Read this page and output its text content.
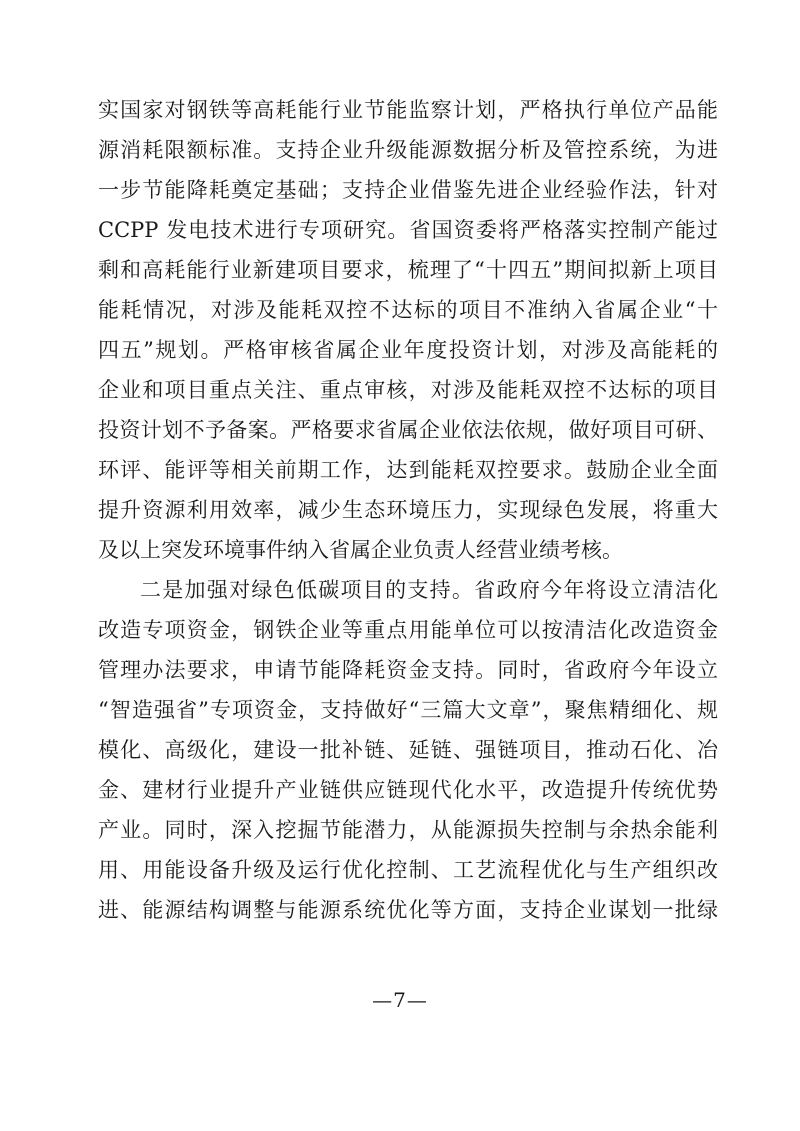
实国家对钢铁等高耗能行业节能监察计划，严格执行单位产品能
源消耗限额标准。支持企业升级能源数据分析及管控系统，为进
一步节能降耗奠定基础；支持企业借鉴先进企业经验作法，针对
CCPP 发电技术进行专项研究。省国资委将严格落实控制产能过
剩和高耗能行业新建项目要求，梳理了“十四五”期间拟新上项目
能耗情况，对涉及能耗双控不达标的项目不准纳入省属企业“十
四五”规划。严格审核省属企业年度投资计划，对涉及高能耗的
企业和项目重点关注、重点审核，对涉及能耗双控不达标的项目
投资计划不予备案。严格要求省属企业依法依规，做好项目可研、
环评、能评等相关前期工作，达到能耗双控要求。鼓励企业全面
提升资源利用效率，减少生态环境压力，实现绿色发展，将重大
及以上突发环境事件纳入省属企业负责人经营业绩考核。
二是加强对绿色低碳项目的支持。省政府今年将设立清洁化
改造专项资金，钢铁企业等重点用能单位可以按清洁化改造资金
管理办法要求，申请节能降耗资金支持。同时，省政府今年设立
“智造强省”专项资金，支持做好“三篇大文章”，聚焦精细化、规
模化、高级化，建设一批补链、延链、强链项目，推动石化、冶
金、建材行业提升产业链供应链现代化水平，改造提升传统优势
产业。同时，深入挖掘节能潜力，从能源损失控制与余热余能利
用、用能设备升级及运行优化控制、工艺流程优化与生产组织改
进、能源结构调整与能源系统优化等方面，支持企业谋划一批绿
—7—
